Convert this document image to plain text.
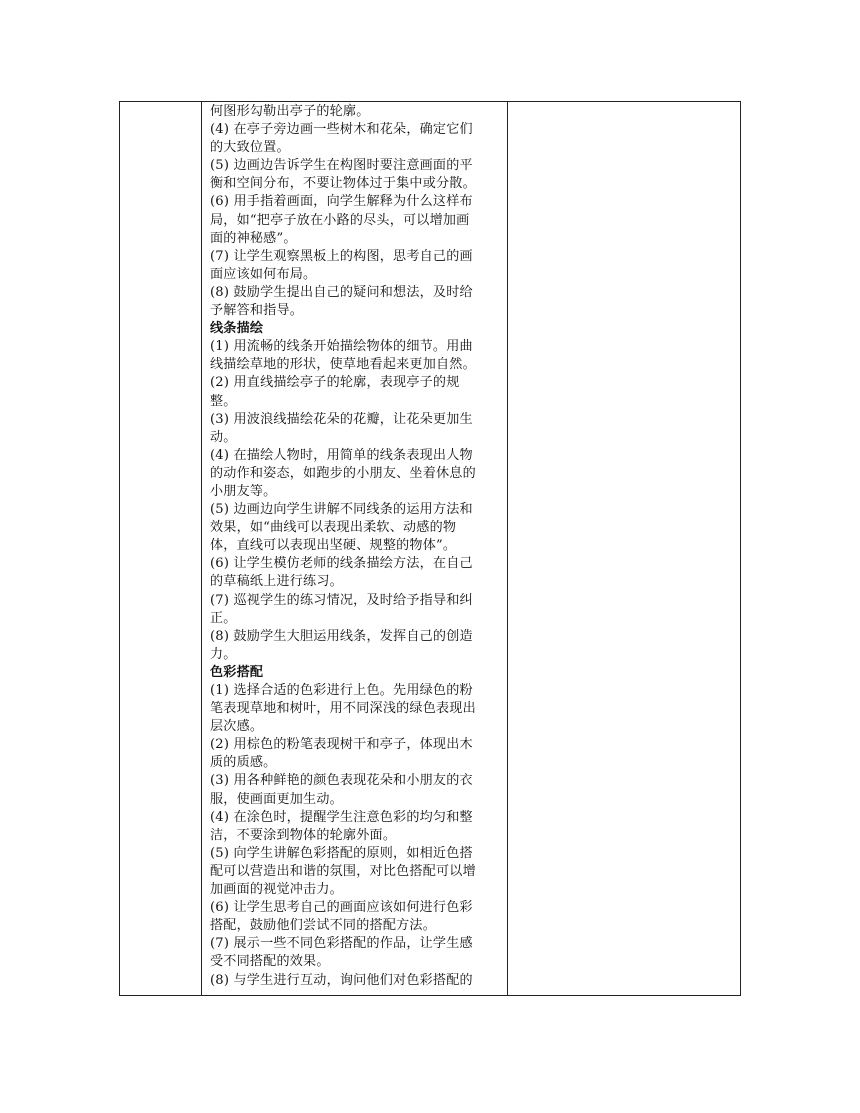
何图形勾勒出亭子的轮廓。
(4) 在亭子旁边画一些树木和花朵，确定它们
的大致位置。
(5) 边画边告诉学生在构图时要注意画面的平
衡和空间分布，不要让物体过于集中或分散。
(6) 用手指着画面，向学生解释为什么这样布
局，如“把亭子放在小路的尽头，可以增加画
面的神秘感”。
(7) 让学生观察黑板上的构图，思考自己的画
面应该如何布局。
(8) 鼓励学生提出自己的疑问和想法，及时给
予解答和指导。
线条描绘
(1) 用流畅的线条开始描绘物体的细节。用曲
线描绘草地的形状，使草地看起来更加自然。
(2) 用直线描绘亭子的轮廓，表现亭子的规
整。
(3) 用波浪线描绘花朵的花瓣，让花朵更加生
动。
(4) 在描绘人物时，用简单的线条表现出人物
的动作和姿态，如跑步的小朋友、坐着休息的
小朋友等。
(5) 边画边向学生讲解不同线条的运用方法和
效果，如“曲线可以表现出柔软、动感的物
体，直线可以表现出坚硬、规整的物体”。
(6) 让学生模仿老师的线条描绘方法，在自己
的草稿纸上进行练习。
(7) 巡视学生的练习情况，及时给予指导和纠
正。
(8) 鼓励学生大胆运用线条，发挥自己的创造
力。
色彩搭配
(1) 选择合适的色彩进行上色。先用绿色的粉
笔表现草地和树叶，用不同深浅的绿色表现出
层次感。
(2) 用棕色的粉笔表现树干和亭子，体现出木
质的质感。
(3) 用各种鲜艳的颜色表现花朵和小朋友的衣
服，使画面更加生动。
(4) 在涂色时，提醒学生注意色彩的均匀和整
洁，不要涂到物体的轮廓外面。
(5) 向学生讲解色彩搭配的原则，如相近色搭
配可以营造出和谐的氛围，对比色搭配可以增
加画面的视觉冲击力。
(6) 让学生思考自己的画面应该如何进行色彩
搭配，鼓励他们尝试不同的搭配方法。
(7) 展示一些不同色彩搭配的作品，让学生感
受不同搭配的效果。
(8) 与学生进行互动，询问他们对色彩搭配的
